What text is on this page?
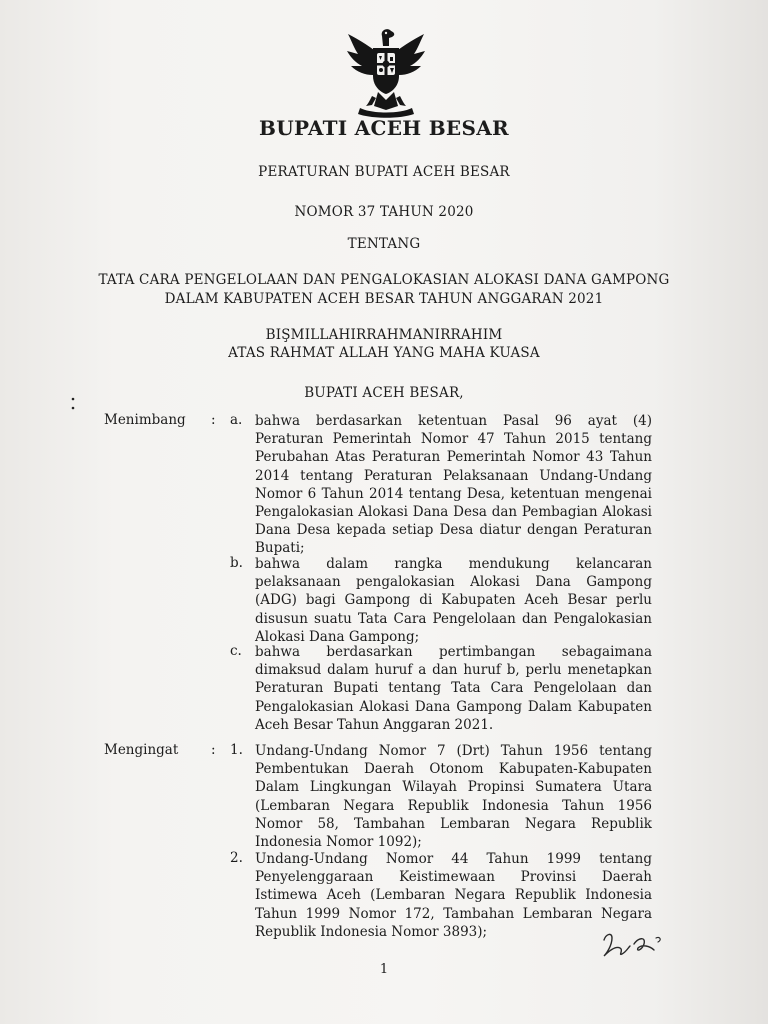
BUPATI ACEH BESAR
PERATURAN BUPATI ACEH BESAR
NOMOR 37 TAHUN 2020
TENTANG
TATA CARA PENGELOLAAN DAN PENGALOKASIAN ALOKASI DANA GAMPONG
DALAM KABUPATEN ACEH BESAR TAHUN ANGGARAN 2021
BIŞMILLAHIRRAHMANIRRAHIM
ATAS RAHMAT ALLAH YANG MAHA KUASA
BUPATI ACEH BESAR,
Menimbang : a. bahwa berdasarkan ketentuan Pasal 96 ayat (4) Peraturan Pemerintah Nomor 47 Tahun 2015 tentang Perubahan Atas Peraturan Pemerintah Nomor 43 Tahun 2014 tentang Peraturan Pelaksanaan Undang-Undang Nomor 6 Tahun 2014 tentang Desa, ketentuan mengenai Pengalokasian Alokasi Dana Desa dan Pembagian Alokasi Dana Desa kepada setiap Desa diatur dengan Peraturan Bupati;
b. bahwa dalam rangka mendukung kelancaran pelaksanaan pengalokasian Alokasi Dana Gampong (ADG) bagi Gampong di Kabupaten Aceh Besar perlu disusun suatu Tata Cara Pengelolaan dan Pengalokasian Alokasi Dana Gampong;
c. bahwa berdasarkan pertimbangan sebagaimana dimaksud dalam huruf a dan huruf b, perlu menetapkan Peraturan Bupati tentang Tata Cara Pengelolaan dan Pengalokasian Alokasi Dana Gampong Dalam Kabupaten Aceh Besar Tahun Anggaran 2021.
Mengingat : 1. Undang-Undang Nomor 7 (Drt) Tahun 1956 tentang Pembentukan Daerah Otonom Kabupaten-Kabupaten Dalam Lingkungan Wilayah Propinsi Sumatera Utara (Lembaran Negara Republik Indonesia Tahun 1956 Nomor 58, Tambahan Lembaran Negara Republik Indonesia Nomor 1092);
2. Undang-Undang Nomor 44 Tahun 1999 tentang Penyelenggaraan Keistimewaan Provinsi Daerah Istimewa Aceh (Lembaran Negara Republik Indonesia Tahun 1999 Nomor 172, Tambahan Lembaran Negara Republik Indonesia Nomor 3893);
1
